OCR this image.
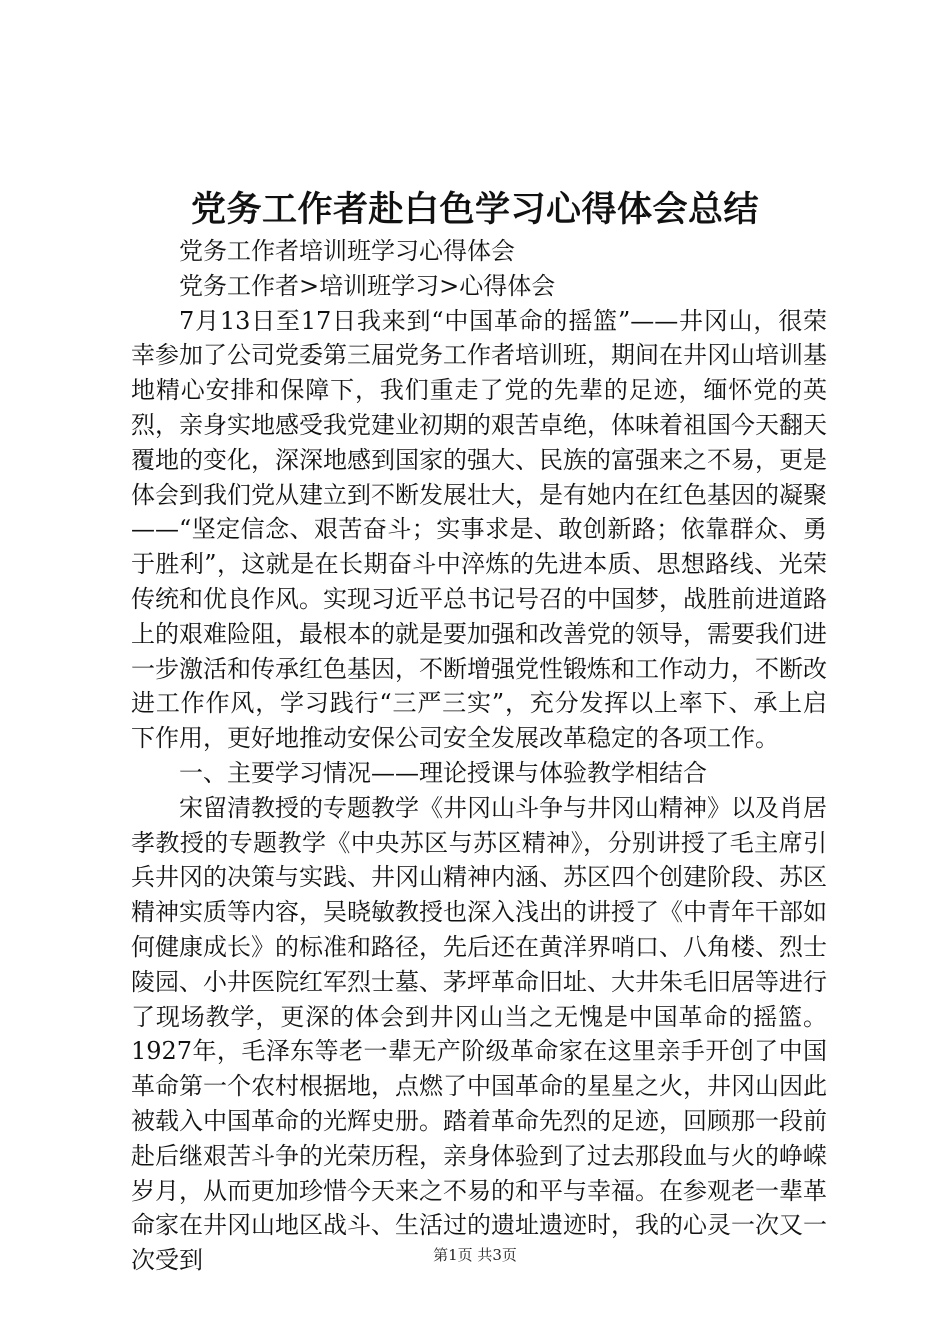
党务工作者赴白色学习心得体会总结

党务工作者培训班学习心得体会

党务工作者>培训班学习>心得体会

7月13日至17日我来到“中国革命的摇篮”——井冈山，很荣幸参加了公司党委第三届党务工作者培训班，期间在井冈山培训基地精心安排和保障下，我们重走了党的先辈的足迹，缅怀党的英烈，亲身实地感受我党建业初期的艰苦卓绝，体味着祖国今天翻天覆地的变化，深深地感到国家的强大、民族的富强来之不易，更是体会到我们党从建立到不断发展壮大，是有她内在红色基因的凝聚——“坚定信念、艰苦奋斗；实事求是、敢创新路；依靠群众、勇于胜利”，这就是在长期奋斗中淬炼的先进本质、思想路线、光荣传统和优良作风。实现习近平总书记号召的中国梦，战胜前进道路上的艰难险阻，最根本的就是要加强和改善党的领导，需要我们进一步激活和传承红色基因，不断增强党性锻炼和工作动力，不断改进工作作风，学习践行“三严三实”，充分发挥以上率下、承上启下作用，更好地推动安保公司安全发展改革稳定的各项工作。

一、主要学习情况——理论授课与体验教学相结合

宋留清教授的专题教学《井冈山斗争与井冈山精神》以及肖居孝教授的专题教学《中央苏区与苏区精神》，分别讲授了毛主席引兵井冈的决策与实践、井冈山精神内涵、苏区四个创建阶段、苏区精神实质等内容，吴晓敏教授也深入浅出的讲授了《中青年干部如何健康成长》的标准和路径，先后还在黄洋界哨口、八角楼、烈士陵园、小井医院红军烈士墓、茅坪革命旧址、大井朱毛旧居等进行了现场教学，更深的体会到井冈山当之无愧是中国革命的摇篮。1927年，毛泽东等老一辈无产阶级革命家在这里亲手开创了中国革命第一个农村根据地，点燃了中国革命的星星之火，井冈山因此被载入中国革命的光辉史册。踏着革命先烈的足迹，回顾那一段前赴后继艰苦斗争的光荣历程，亲身体验到了过去那段血与火的峥嵘岁月，从而更加珍惜今天来之不易的和平与幸福。在参观老一辈革命家在井冈山地区战斗、生活过的遗址遗迹时，我的心灵一次又一次受到	第1页 共3页
